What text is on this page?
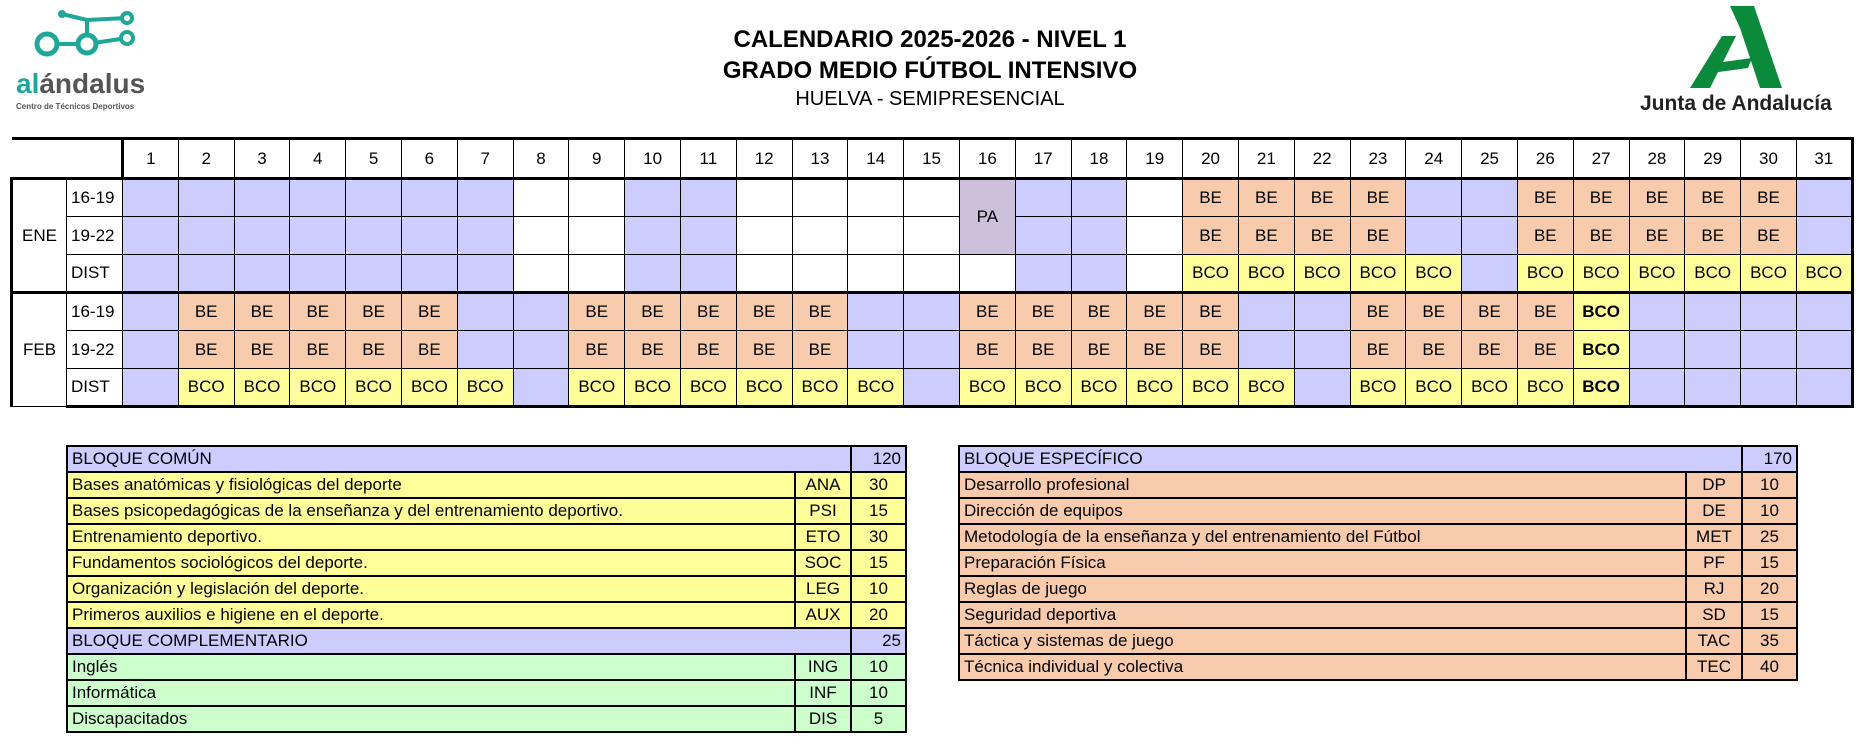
alándalus
Centro de Técnicos Deportivos
CALENDARIO 2025-2026 - NIVEL 1
GRADO MEDIO FÚTBOL INTENSIVO
HUELVA - SEMIPRESENCIAL	Junta de Andalucía
		1	2	3	4	5	6	7	8	9	10	11	12	13	14	15	16	17	18	19	20	21	22	23	24	25	26	27	28	29	30	31
ENE	16-19																PA				BE	BE	BE	BE			BE	BE	BE	BE	BE	
	19-22																				BE	BE	BE	BE			BE	BE	BE	BE	BE	
	DIST																				BCO	BCO	BCO	BCO	BCO		BCO	BCO	BCO	BCO	BCO	BCO
FEB	16-19		BE	BE	BE	BE	BE			BE	BE	BE	BE	BE			BE	BE	BE	BE	BE			BE	BE	BE	BE	BCO				
	19-22		BE	BE	BE	BE	BE			BE	BE	BE	BE	BE			BE	BE	BE	BE	BE			BE	BE	BE	BE	BCO				
	DIST		BCO	BCO	BCO	BCO	BCO	BCO		BCO	BCO	BCO	BCO	BCO	BCO		BCO	BCO	BCO	BCO	BCO	BCO		BCO	BCO	BCO	BCO	BCO				
BLOQUE COMÚN		120
Bases anatómicas y fisiológicas del deporte	ANA	30
Bases psicopedagógicas de la enseñanza y del entrenamiento deportivo.	PSI	15
Entrenamiento deportivo.	ETO	30
Fundamentos sociológicos del deporte.	SOC	15
Organización y legislación del deporte.	LEG	10
Primeros auxilios e higiene en el deporte.	AUX	20
BLOQUE COMPLEMENTARIO		25
Inglés	ING	10
Informática	INF	10
Discapacitados	DIS	5
BLOQUE ESPECÍFICO		170
Desarrollo profesional	DP	10
Dirección de equipos	DE	10
Metodología de la enseñanza y del entrenamiento del Fútbol	MET	25
Preparación Física	PF	15
Reglas de juego	RJ	20
Seguridad deportiva	SD	15
Táctica y sistemas de juego	TAC	35
Técnica individual y colectiva	TEC	40
